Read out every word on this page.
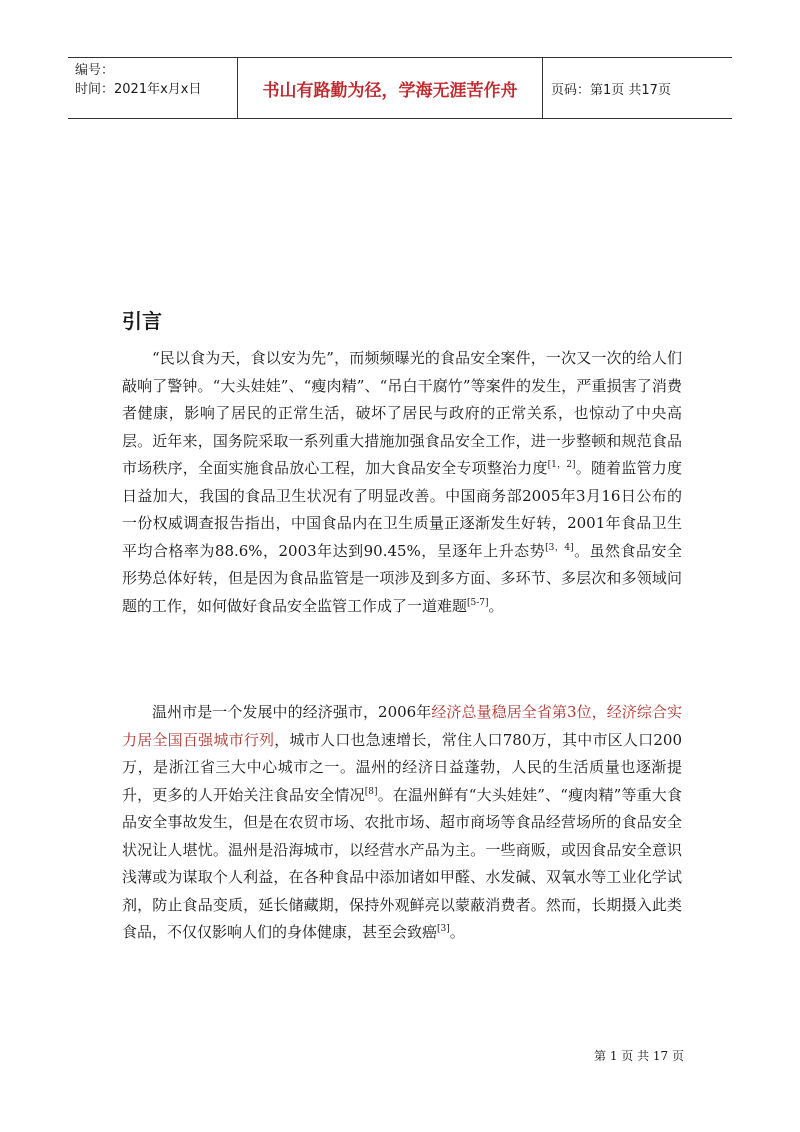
编号：
时间：2021年x月x日	书山有路勤为径，学海无涯苦作舟	页码：第1页 共17页
引言

“民以食为天，食以安为先”，而频频曝光的食品安全案件，一次又一次的给人们敲响了警钟。“大头娃娃”、“瘦肉精”、“吊白干腐竹”等案件的发生，严重损害了消费者健康，影响了居民的正常生活，破坏了居民与政府的正常关系，也惊动了中央高层。近年来，国务院采取一系列重大措施加强食品安全工作，进一步整顿和规范食品市场秩序，全面实施食品放心工程，加大食品安全专项整治力度[1，2]。随着监管力度日益加大，我国的食品卫生状况有了明显改善。中国商务部2005年3月16日公布的一份权威调查报告指出，中国食品内在卫生质量正逐渐发生好转，2001年食品卫生平均合格率为88.6%，2003年达到90.45%，呈逐年上升态势[3，4]。虽然食品安全形势总体好转，但是因为食品监管是一项涉及到多方面、多环节、多层次和多领域问题的工作，如何做好食品安全监管工作成了一道难题[5-7]。

温州市是一个发展中的经济强市，2006年经济总量稳居全省第3位，经济综合实力居全国百强城市行列，城市人口也急速增长，常住人口780万，其中市区人口200万，是浙江省三大中心城市之一。温州的经济日益蓬勃，人民的生活质量也逐渐提升，更多的人开始关注食品安全情况[8]。在温州鲜有“大头娃娃”、“瘦肉精”等重大食品安全事故发生，但是在农贸市场、农批市场、超市商场等食品经营场所的食品安全状况让人堪忧。温州是沿海城市，以经营水产品为主。一些商贩，或因食品安全意识浅薄或为谋取个人利益，在各种食品中添加诸如甲醛、水发碱、双氧水等工业化学试剂，防止食品变质，延长储藏期，保持外观鲜亮以蒙蔽消费者。然而，长期摄入此类食品，不仅仅影响人们的身体健康，甚至会致癌[3]。

第 1 页 共 17 页
